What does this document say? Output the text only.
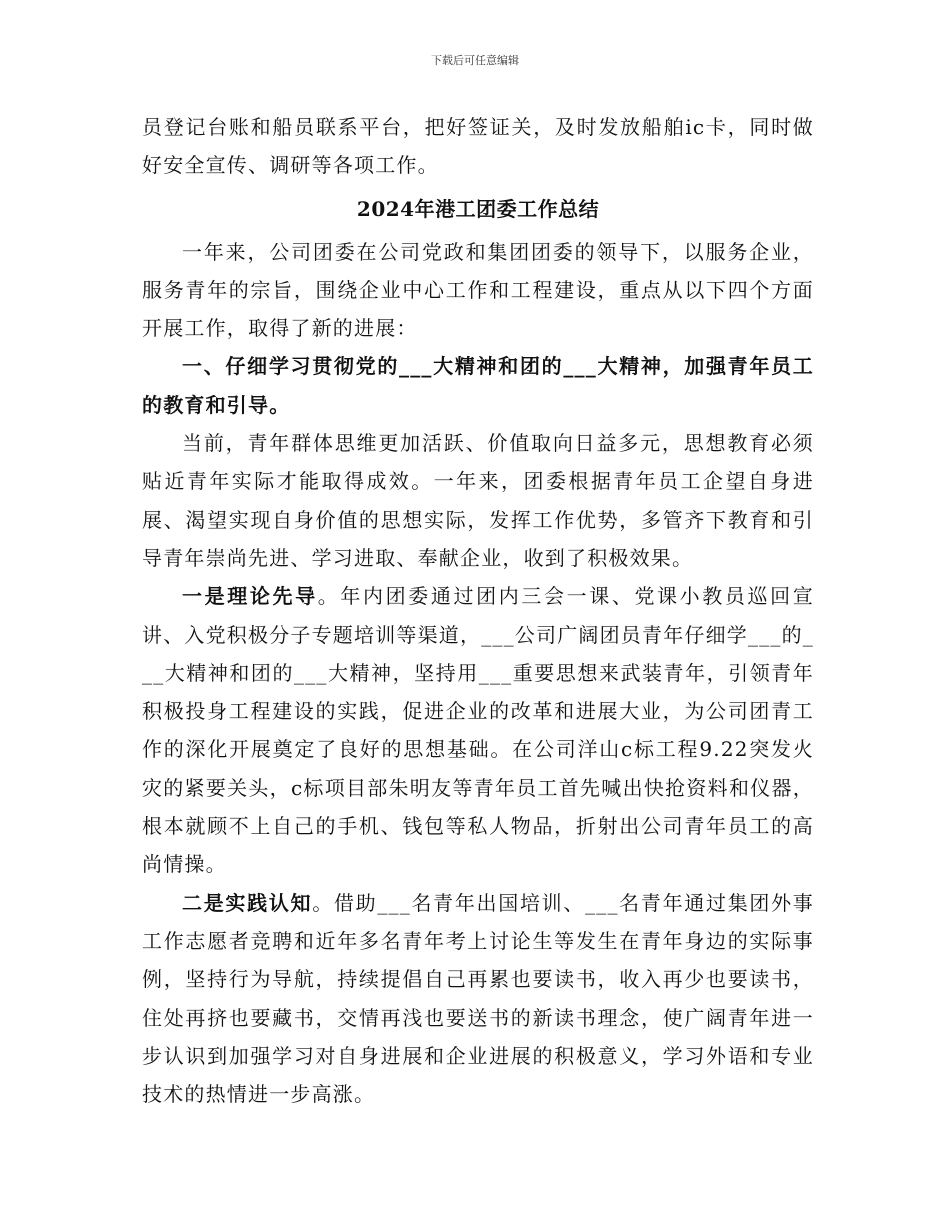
下载后可任意编辑

员登记台账和船员联系平台，把好签证关，及时发放船舶ic卡，同时做好安全宣传、调研等各项工作。

2024年港工团委工作总结

一年来，公司团委在公司党政和集团团委的领导下，以服务企业，服务青年的宗旨，围绕企业中心工作和工程建设，重点从以下四个方面开展工作，取得了新的进展：

一、仔细学习贯彻党的___大精神和团的___大精神，加强青年员工的教育和引导。

当前，青年群体思维更加活跃、价值取向日益多元，思想教育必须贴近青年实际才能取得成效。一年来，团委根据青年员工企望自身进展、渴望实现自身价值的思想实际，发挥工作优势，多管齐下教育和引导青年崇尚先进、学习进取、奉献企业，收到了积极效果。

一是理论先导。年内团委通过团内三会一课、党课小教员巡回宣讲、入党积极分子专题培训等渠道，___公司广阔团员青年仔细学___的___大精神和团的___大精神，坚持用___重要思想来武装青年，引领青年积极投身工程建设的实践，促进企业的改革和进展大业，为公司团青工作的深化开展奠定了良好的思想基础。在公司洋山c标工程9.22突发火灾的紧要关头，c标项目部朱明友等青年员工首先喊出快抢资料和仪器，根本就顾不上自己的手机、钱包等私人物品，折射出公司青年员工的高尚情操。

二是实践认知。借助___名青年出国培训、___名青年通过集团外事工作志愿者竞聘和近年多名青年考上讨论生等发生在青年身边的实际事例，坚持行为导航，持续提倡自己再累也要读书，收入再少也要读书，住处再挤也要藏书，交情再浅也要送书的新读书理念，使广阔青年进一步认识到加强学习对自身进展和企业进展的积极意义，学习外语和专业技术的热情进一步高涨。
